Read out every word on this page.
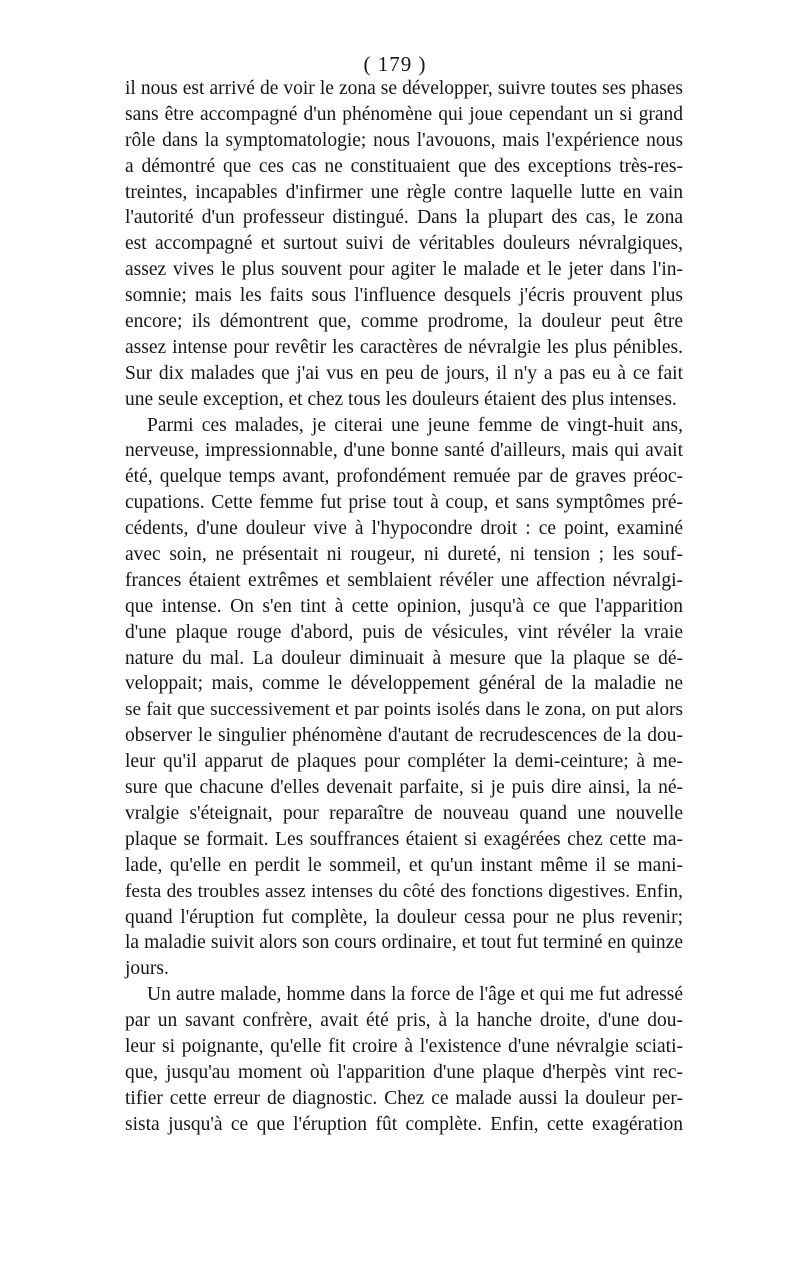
( 179 )
il nous est arrivé de voir le zona se développer, suivre toutes ses phases
sans être accompagné d'un phénomène qui joue cependant un si grand
rôle dans la symptomatologie; nous l'avouons, mais l'expérience nous
a démontré que ces cas ne constituaient que des exceptions très-res-
treintes, incapables d'infirmer une règle contre laquelle lutte en vain
l'autorité d'un professeur distingué. Dans la plupart des cas, le zona
est accompagné et surtout suivi de véritables douleurs névralgiques,
assez vives le plus souvent pour agiter le malade et le jeter dans l'in-
somnie; mais les faits sous l'influence desquels j'écris prouvent plus
encore; ils démontrent que, comme prodrome, la douleur peut être
assez intense pour revêtir les caractères de névralgie les plus pénibles.
Sur dix malades que j'ai vus en peu de jours, il n'y a pas eu à ce fait
une seule exception, et chez tous les douleurs étaient des plus intenses.
Parmi ces malades, je citerai une jeune femme de vingt-huit ans,
nerveuse, impressionnable, d'une bonne santé d'ailleurs, mais qui avait
été, quelque temps avant, profondément remuée par de graves préoc-
cupations. Cette femme fut prise tout à coup, et sans symptômes pré-
cédents, d'une douleur vive à l'hypocondre droit : ce point, examiné
avec soin, ne présentait ni rougeur, ni dureté, ni tension ; les souf-
frances étaient extrêmes et semblaient révéler une affection névralgi-
que intense. On s'en tint à cette opinion, jusqu'à ce que l'apparition
d'une plaque rouge d'abord, puis de vésicules, vint révéler la vraie
nature du mal. La douleur diminuait à mesure que la plaque se dé-
veloppait; mais, comme le développement général de la maladie ne
se fait que successivement et par points isolés dans le zona, on put alors
observer le singulier phénomène d'autant de recrudescences de la dou-
leur qu'il apparut de plaques pour compléter la demi-ceinture; à me-
sure que chacune d'elles devenait parfaite, si je puis dire ainsi, la né-
vralgie s'éteignait, pour reparaître de nouveau quand une nouvelle
plaque se formait. Les souffrances étaient si exagérées chez cette ma-
lade, qu'elle en perdit le sommeil, et qu'un instant même il se mani-
festa des troubles assez intenses du côté des fonctions digestives. Enfin,
quand l'éruption fut complète, la douleur cessa pour ne plus revenir;
la maladie suivit alors son cours ordinaire, et tout fut terminé en quinze
jours.
Un autre malade, homme dans la force de l'âge et qui me fut adressé
par un savant confrère, avait été pris, à la hanche droite, d'une dou-
leur si poignante, qu'elle fit croire à l'existence d'une névralgie sciati-
que, jusqu'au moment où l'apparition d'une plaque d'herpès vint rec-
tifier cette erreur de diagnostic. Chez ce malade aussi la douleur per-
sista jusqu'à ce que l'éruption fût complète. Enfin, cette exagération
